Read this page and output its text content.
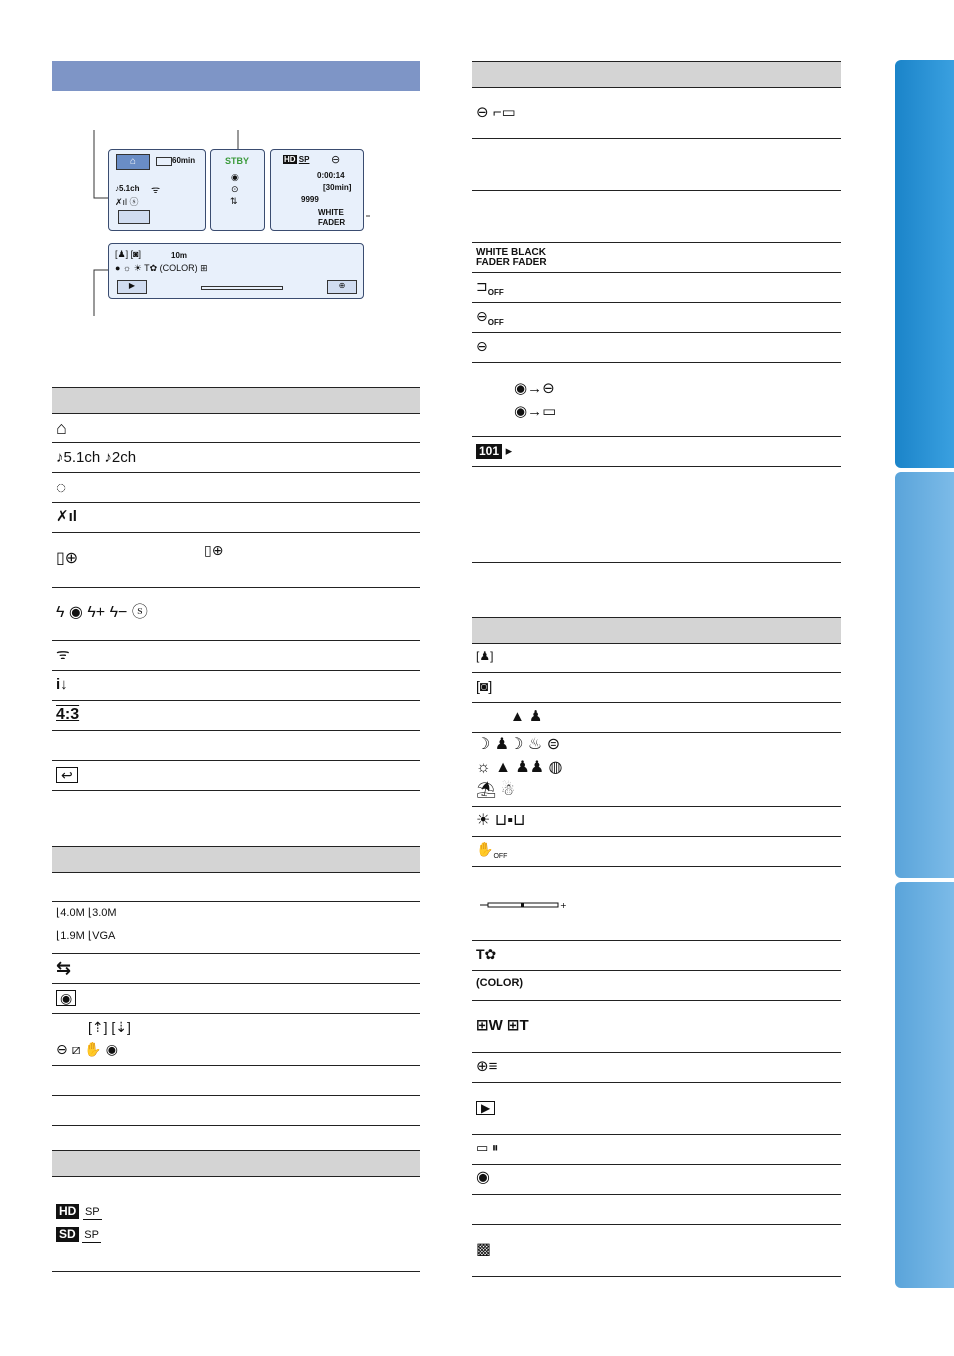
⌂	60min
♪5.1ch ᯤ
✗ıl ⓢ
STBY
◉
⊙
⇅
HD SP ⊖
0:00:14
[30min]
9999
WHITE
FADER
[♟] [◙]	10m
● ☼ ☀ T✿ (COLOR) ⊞
▶	⊕
⌂
♪5.1ch ♪2ch
◌
✗ıl
▯⊕	▯⊕
ϟ ◉ ϟ+ ϟ− ⓢ
ᯤ
i↓
4:3
↩
⌊4.0M ⌊3.0M
⌊1.9M ⌊VGA
⇆
◉
[⇡] [⇣]
⊖ ⧄ ✋ ◉
HD SP
SD SP
⊖ ⌐▭
WHITE BLACK
FADER FADER
$⊐_{OFF}$
$⊖_{OFF}$
⊖
◉→⊖
◉→▭
101 ▸
[♟]
[◙]
▲ ♟
☽ ♟☽ ♨ ⊜
☼ ▲ ♟♟ ◍
⛱ ☃
☀ ⊔▪⊔
$✋_{OFF}$
+
T✿
(COLOR)
⊞W ⊞T
⊕≡
▶
▭ ⏸
◉
▩
